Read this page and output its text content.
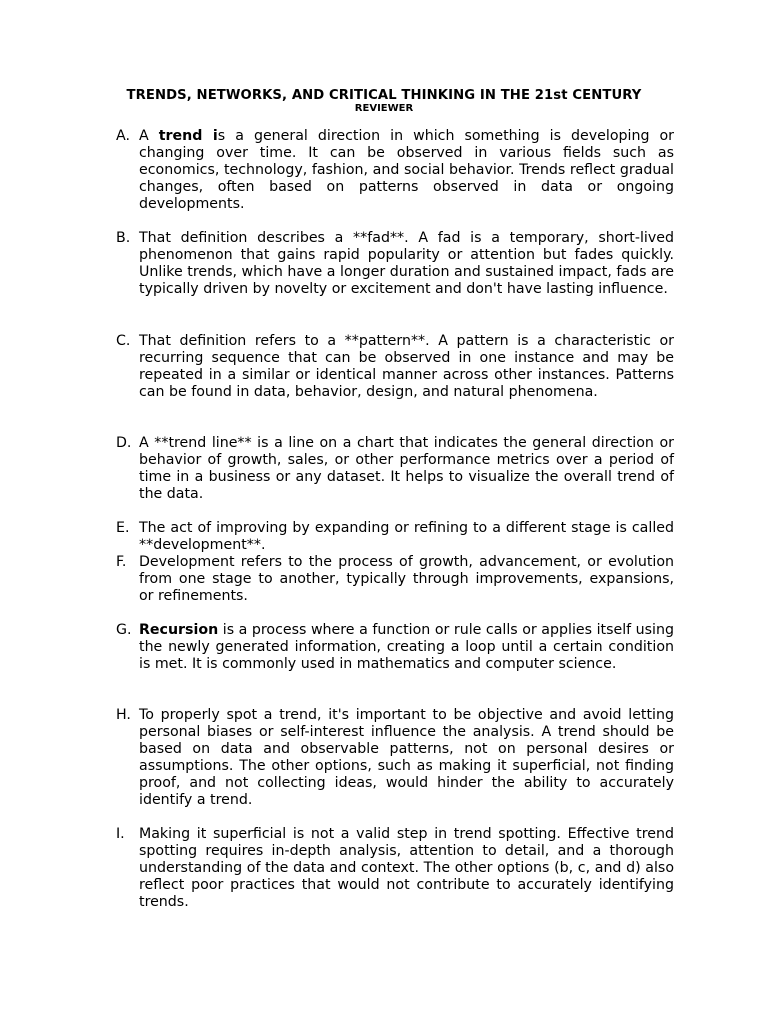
TRENDS, NETWORKS, AND CRITICAL THINKING IN THE 21st CENTURY
REVIEWER
A. A trend is a general direction in which something is developing or changing over time. It can be observed in various fields such as economics, technology, fashion, and social behavior. Trends reflect gradual changes, often based on patterns observed in data or ongoing developments.
B. That definition describes a **fad**. A fad is a temporary, short-lived phenomenon that gains rapid popularity or attention but fades quickly. Unlike trends, which have a longer duration and sustained impact, fads are typically driven by novelty or excitement and don't have lasting influence.
C. That definition refers to a **pattern**. A pattern is a characteristic or recurring sequence that can be observed in one instance and may be repeated in a similar or identical manner across other instances. Patterns can be found in data, behavior, design, and natural phenomena.
D. A **trend line** is a line on a chart that indicates the general direction or behavior of growth, sales, or other performance metrics over a period of time in a business or any dataset. It helps to visualize the overall trend of the data.
E. The act of improving by expanding or refining to a different stage is called **development**.
F. Development refers to the process of growth, advancement, or evolution from one stage to another, typically through improvements, expansions, or refinements.
G. Recursion is a process where a function or rule calls or applies itself using the newly generated information, creating a loop until a certain condition is met. It is commonly used in mathematics and computer science.
H. To properly spot a trend, it's important to be objective and avoid letting personal biases or self-interest influence the analysis. A trend should be based on data and observable patterns, not on personal desires or assumptions. The other options, such as making it superficial, not finding proof, and not collecting ideas, would hinder the ability to accurately identify a trend.
I.	Making it superficial is not a valid step in trend spotting. Effective trend spotting requires in-depth analysis, attention to detail, and a thorough understanding of the data and context. The other options (b, c, and d) also reflect poor practices that would not contribute to accurately identifying trends.
